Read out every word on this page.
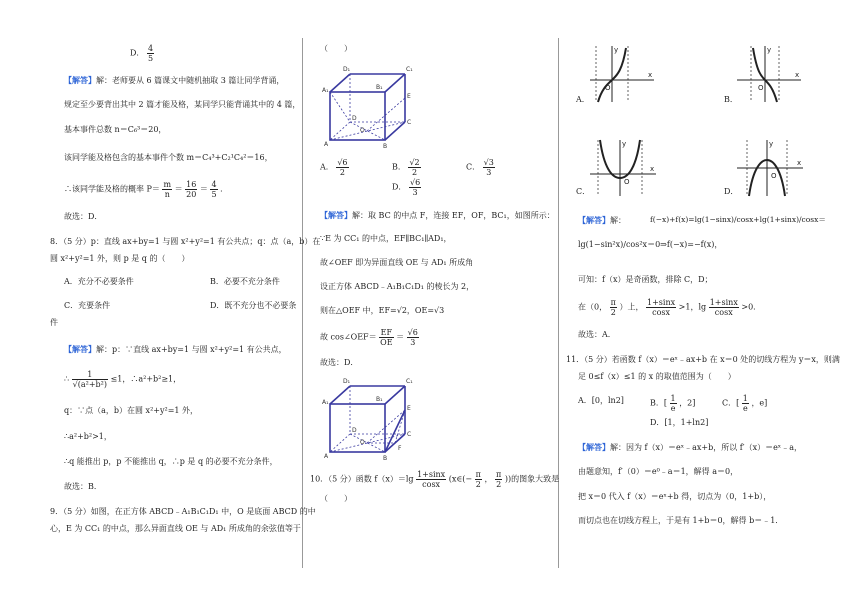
D． $\frac{4}{5}$
【解答】解：老师要从 6 篇课文中随机抽取 3 篇让同学背诵，
规定至少要背出其中 2 篇才能及格，某同学只能背诵其中的 4 篇，
基本事件总数 n＝C₆³＝20，
该同学能及格包含的基本事件个数 m＝C₄³+C₂¹C₄²＝16，
∴该同学能及格的概率 $P= \frac{m}{n} = \frac{16}{20} = \frac{4}{5}$ ．
故选：D．
8．（5 分）p：直线 ax+by=1 与圆 x²+y²=1 有公共点；q：点（a，b）在
圆 x²+y²=1 外，则 p 是 q 的（　　）
A．充分不必要条件	B．必要不充分条件
C．充要条件	D．既不充分也不必要条
件
【解答】解：p：∵直线 ax+by=1 与圆 x²+y²=1 有公共点，
∴ $\frac{1}{\text{√(a²+b²)}} \le 1$，∴a²+b²≥1，
q：∵点（a，b）在圆 x²+y²=1 外，
∴a²+b²>1，
∴q 能推出 p，p 不能推出 q，∴p 是 q 的必要不充分条件，
故选：B．
9．（5 分）如图，在正方体 ABCD﹣A₁B₁C₁D₁ 中，O 是底面 ABCD 的中
心，E 为 CC₁ 的中点，那么异面直线 OE 与 AD₁ 所成角的余弦值等于
（　　）
D₁	C₁
A₁	B₁
D
C
A	B
O
E
A． $\frac{√6}{2}$	B． $\frac{√2}{2}$	C． $\frac{√3}{3}$
D． $\frac{√6}{3}$
【解答】解：取 BC 的中点 F，连接 EF，OF，BC₁，如图所示：
∵E 为 CC₁ 的中点，EF∥BC₁∥AD₁，
故∠OEF 即为异面直线 OE 与 AD₁ 所成角
设正方体 ABCD﹣A₁B₁C₁D₁ 的棱长为 2，
则在△OEF 中，EF=√2，OE=√3
故 cos∠OEF＝ $\frac{EF}{OE} = \frac{√6}{3}$
故选：D．
D₁	C₁
A₁	B₁
D
C
A	B
O
E
F
10．（5 分）函数 $f(x)=\lg \frac{1+\sin x}{\cos x}$ (x∈(− $\frac{\pi}{2}$ ， $\frac{\pi}{2}$ ))的图象大致是
（　　）
y
x
O
A．
y
x
O
B．
y
x
O
C．
y
x
O
D．
【解答】解：	f(−x)+f(x)=lg(1−sinx)/cosx+lg(1+sinx)/cosx＝
lg(1−sin²x)/cos²x＝0⇒f(−x)=−f(x)，
可知：f（x）是奇函数，排除 C，D；
在（0， $\frac{\pi}{2}$ ）上， $\frac{1+\sin x}{\cos x} >1$，$\lg \frac{1+\sin x}{\cos x} >0$．
故选：A．
11．（5 分）若函数 f（x）＝eˣ﹣ax+b 在 x＝0 处的切线方程为 y＝x，则满
足 0≤f（x）≤1 的 x 的取值范围为（　　）
A．[0，ln2]	B．[ $\frac{1}{e}$ ，2]	C．[ $\frac{1}{e}$ ，e]
D．[1，1+ln2]
【解答】解：因为 f（x）＝eˣ﹣ax+b，所以 f′（x）＝eˣ﹣a，
由题意知，f′（0）＝e⁰﹣a＝1，解得 a＝0，
把 x＝0 代入 f（x）＝eˣ+b 得，切点为（0，1+b），
而切点也在切线方程上，于是有 1+b＝0，解得 b＝﹣1．
